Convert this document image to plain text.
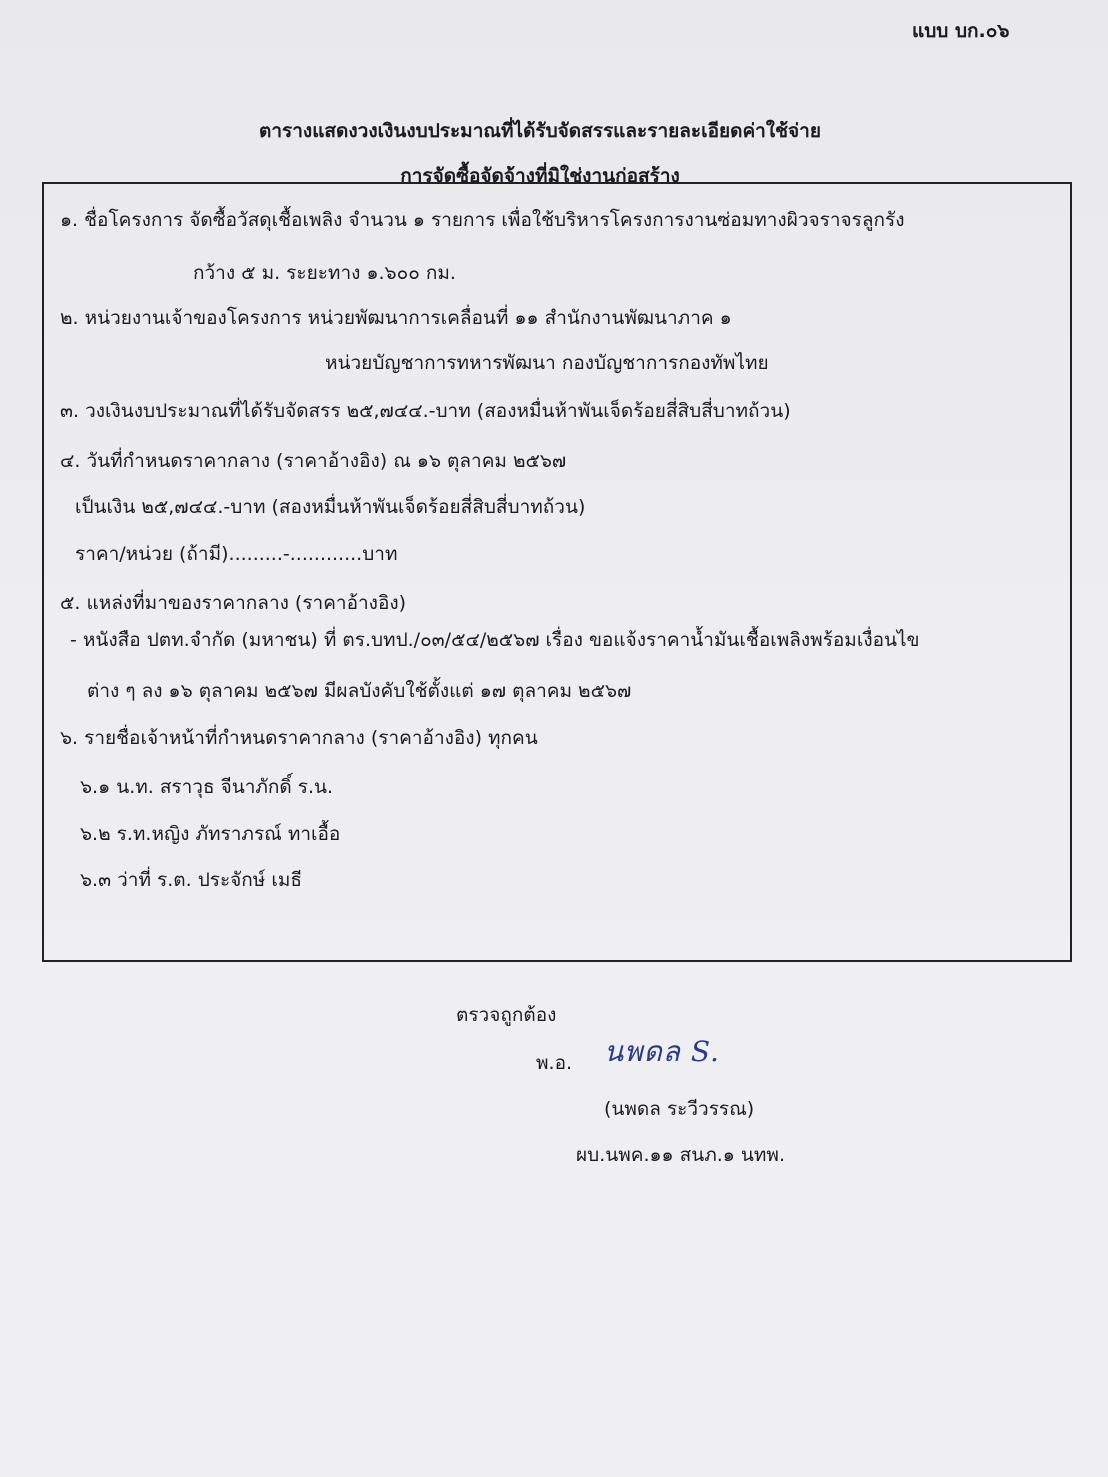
แบบ บก.๐๖
ตารางแสดงวงเงินงบประมาณที่ได้รับจัดสรรและรายละเอียดค่าใช้จ่าย
การจัดซื้อจัดจ้างที่มิใช่งานก่อสร้าง
๑. ชื่อโครงการ จัดซื้อวัสดุเชื้อเพลิง จำนวน ๑ รายการ เพื่อใช้บริหารโครงการงานซ่อมทางผิวจราจรลูกรัง
กว้าง ๕ ม. ระยะทาง ๑.๖๐๐ กม.
๒. หน่วยงานเจ้าของโครงการ หน่วยพัฒนาการเคลื่อนที่ ๑๑ สำนักงานพัฒนาภาค ๑
หน่วยบัญชาการทหารพัฒนา กองบัญชาการกองทัพไทย
๓. วงเงินงบประมาณที่ได้รับจัดสรร ๒๕,๗๔๔.-บาท (สองหมื่นห้าพันเจ็ดร้อยสี่สิบสี่บาทถ้วน)
๔. วันที่กำหนดราคากลาง (ราคาอ้างอิง) ณ ๑๖ ตุลาคม ๒๕๖๗
เป็นเงิน ๒๕,๗๔๔.-บาท (สองหมื่นห้าพันเจ็ดร้อยสี่สิบสี่บาทถ้วน)
ราคา/หน่วย (ถ้ามี).........-............บาท
๕. แหล่งที่มาของราคากลาง (ราคาอ้างอิง)
- หนังสือ ปตท.จำกัด (มหาชน) ที่ ตร.บทป./๐๓/๕๔/๒๕๖๗ เรื่อง ขอแจ้งราคาน้ำมันเชื้อเพลิงพร้อมเงื่อนไข
ต่าง ๆ ลง ๑๖ ตุลาคม ๒๕๖๗ มีผลบังคับใช้ตั้งแต่ ๑๗ ตุลาคม ๒๕๖๗
๖. รายชื่อเจ้าหน้าที่กำหนดราคากลาง (ราคาอ้างอิง) ทุกคน
๖.๑ น.ท. สราวุธ จีนาภักดิ์ ร.น.
๖.๒ ร.ท.หญิง ภัทราภรณ์ ทาเอื้อ
๖.๓ ว่าที่ ร.ต. ประจักษ์ เมธี
ตรวจถูกต้อง
พ.อ. นพดล S.
(นพดล ระวีวรรณ)
ผบ.นพค.๑๑ สนภ.๑ นทพ.
